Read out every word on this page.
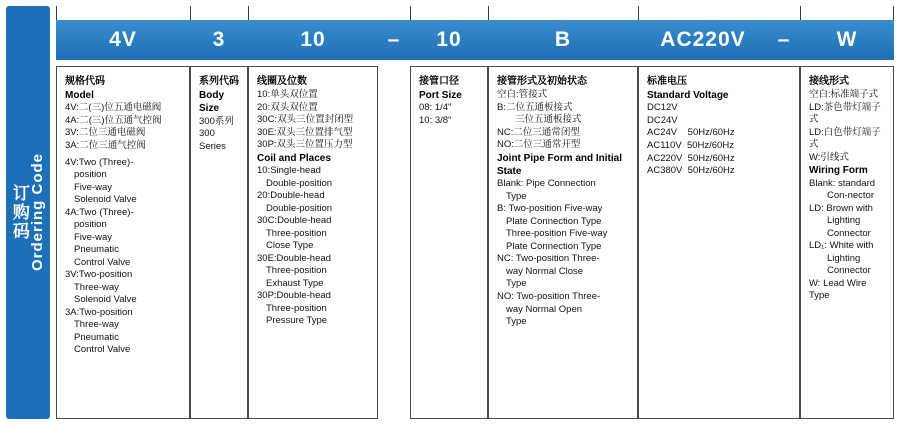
订购码 Ordering Code
4V	3	10	–	10	B	AC220V	–	W
规格代码
Model
4V:二(三)位五通电磁阀
4A:二(三)位五通气控阀
3V:二位三通电磁阀
3A:二位三通气控阀
4V:Two (Three)-
position
Five-way
Solenoid Valve
4A:Two (Three)-
position
Five-way
Pneumatic
Control Valve
3V:Two-position
Three-way
Solenoid Valve
3A:Two-position
Three-way
Pneumatic
Control Valve
系列代码
Body Size
300系列
300 Series
线圈及位数
10:单头双位置
20:双头双位置
30C:双头三位置封闭型
30E:双头三位置排气型
30P:双头三位置压力型
Coil and Places
10:Single-head
Double-position
20:Double-head
Double-position
30C:Double-head
Three-position
Close Type
30E:Double-head
Three-position
Exhaust Type
30P:Double-head
Three-position
Pressure Type
接管口径
Port Size
08: 1/4"
10: 3/8"
接管形式及初始状态
空白:管接式
B:二位五通板接式
三位五通板接式
NC:二位三通常闭型
NO:二位三通常开型
Joint Pipe Form and Initial State
Blank: Pipe Connection
Type
B: Two-position Five-way
Plate Connection Type
Three-position Five-way
Plate Connection Type
NC: Two-position Three-
way Normal Close
Type
NO: Two-position Three-
way Normal Open
Type
标准电压
Standard Voltage
DC12V
DC24V
AC24V    50Hz/60Hz
AC110V  50Hz/60Hz
AC220V  50Hz/60Hz
AC380V  50Hz/60Hz
接线形式
空白:标准端子式
LD:茶色带灯端子式
LD:白色带灯端子式
W:引线式
Wiring Form
Blank: standard
Con-nector
LD: Brown with
Lighting
Connector
LD₁: White with
Lighting
Connector
W: Lead Wire Type
